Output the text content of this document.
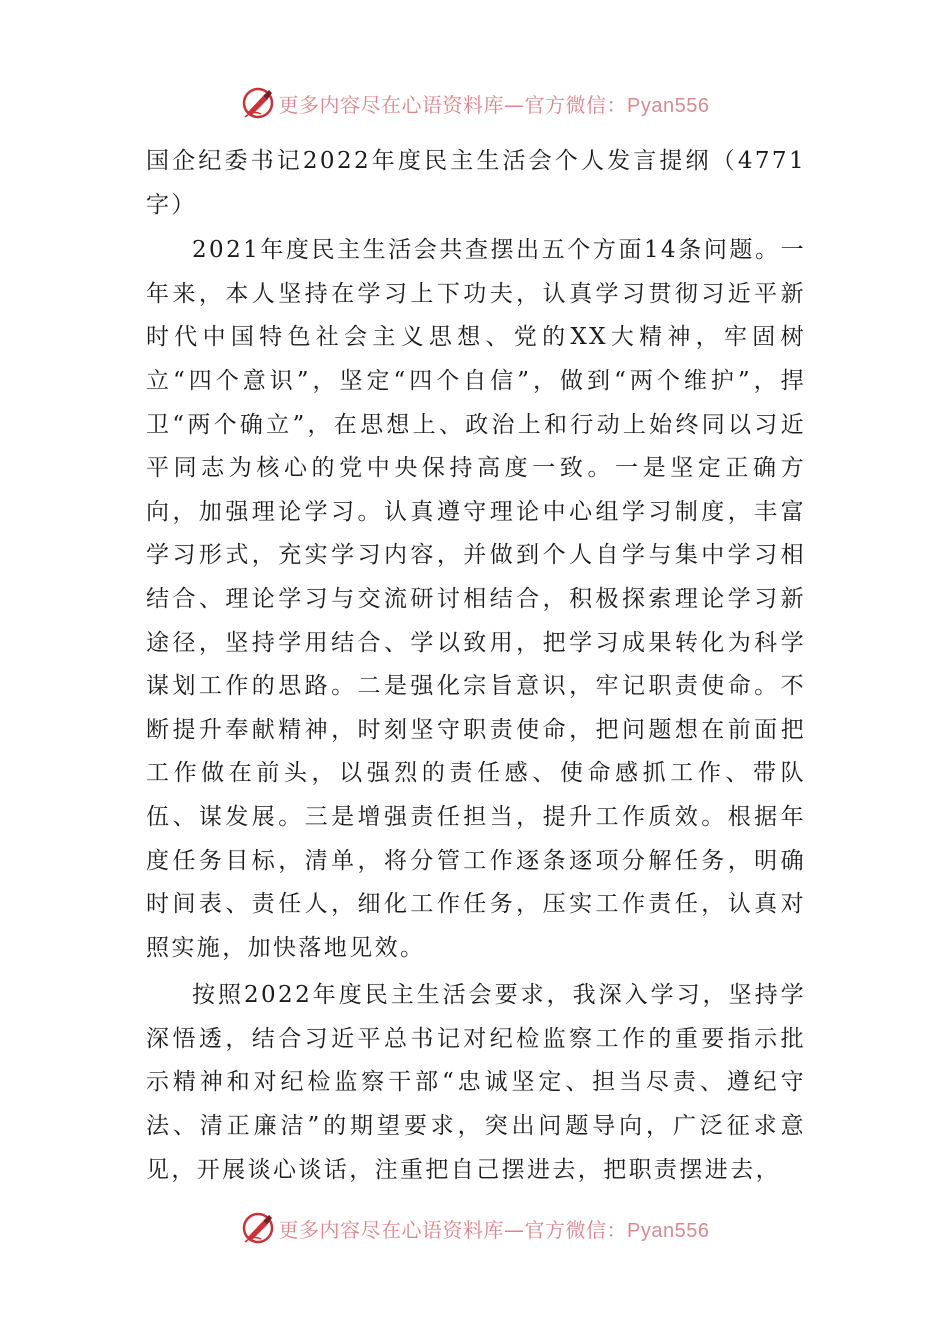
更多内容尽在心语资料库—官方微信：Pyan556

国企纪委书记2022年度民主生活会个人发言提纲（4771字）

2021年度民主生活会共查摆出五个方面14条问题。一年来，本人坚持在学习上下功夫，认真学习贯彻习近平新时代中国特色社会主义思想、党的XX大精神，牢固树立“四个意识”，坚定“四个自信”，做到“两个维护”，捍卫“两个确立”，在思想上、政治上和行动上始终同以习近平同志为核心的党中央保持高度一致。一是坚定正确方向，加强理论学习。认真遵守理论中心组学习制度，丰富学习形式，充实学习内容，并做到个人自学与集中学习相结合、理论学习与交流研讨相结合，积极探索理论学习新途径，坚持学用结合、学以致用，把学习成果转化为科学谋划工作的思路。二是强化宗旨意识，牢记职责使命。不断提升奉献精神，时刻坚守职责使命，把问题想在前面把工作做在前头，以强烈的责任感、使命感抓工作、带队伍、谋发展。三是增强责任担当，提升工作质效。根据年度任务目标，清单，将分管工作逐条逐项分解任务，明确时间表、责任人，细化工作任务，压实工作责任，认真对照实施，加快落地见效。

按照2022年度民主生活会要求，我深入学习，坚持学深悟透，结合习近平总书记对纪检监察工作的重要指示批示精神和对纪检监察干部“忠诚坚定、担当尽责、遵纪守法、清正廉洁”的期望要求，突出问题导向，广泛征求意见，开展谈心谈话，注重把自己摆进去，把职责摆进去，

更多内容尽在心语资料库—官方微信：Pyan556
